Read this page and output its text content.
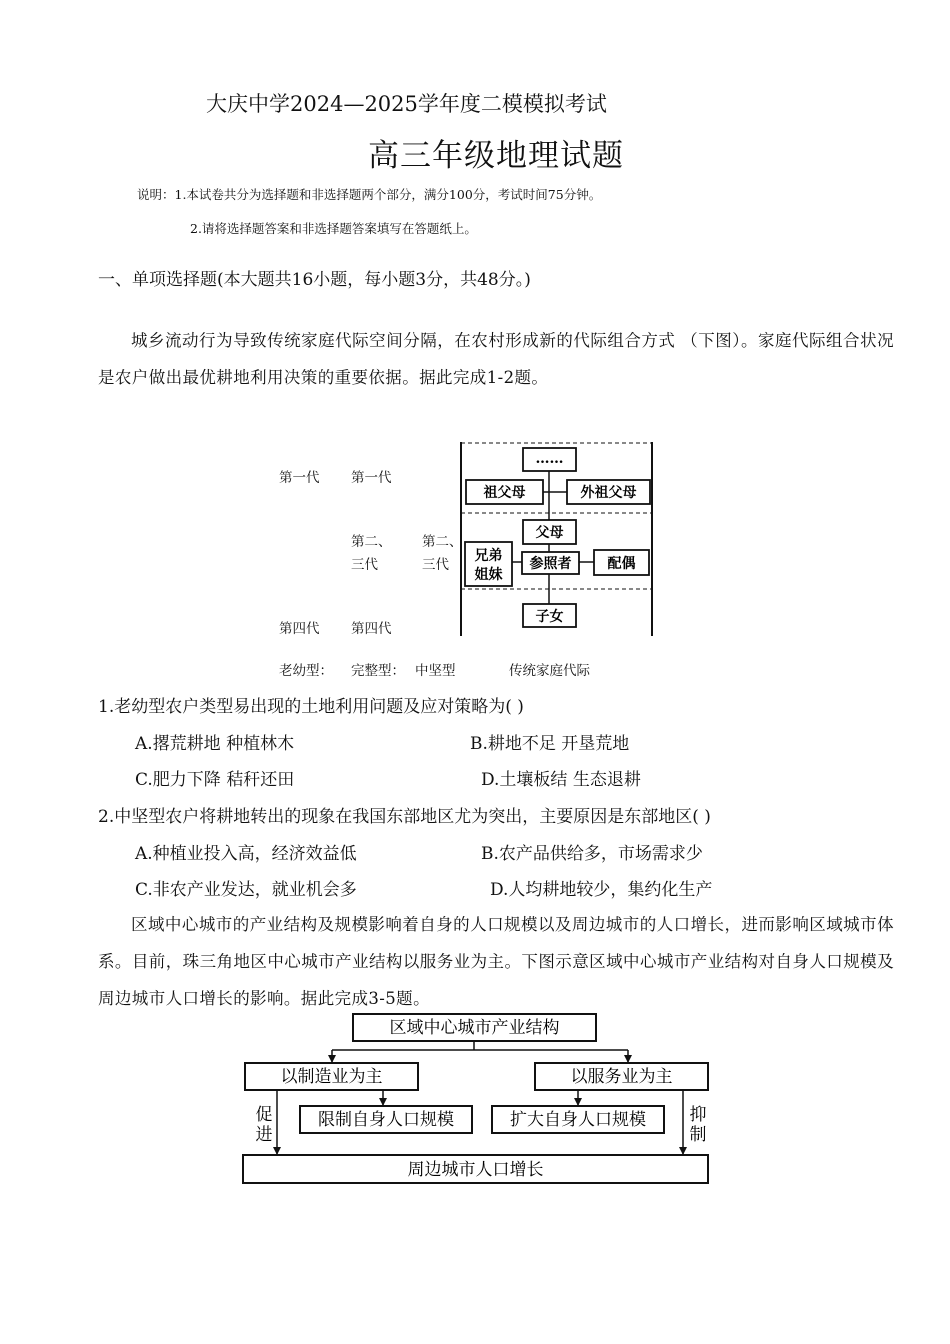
大庆中学2024—2025学年度二模模拟考试
高三年级地理试题
说明：1.本试卷共分为选择题和非选择题两个部分，满分100分，考试时间75分钟。
2.请将选择题答案和非选择题答案填写在答题纸上。
一、单项选择题(本大题共16小题，每小题3分，共48分。)
城乡流动行为导致传统家庭代际空间分隔，在农村形成新的代际组合方式 （下图）。家庭代际组合状况是农户做出最优耕地利用决策的重要依据。据此完成1-2题。
第一代 第一代
第二、
三代
第二、
三代
第四代 第四代
……
祖父母	外祖父母
父母
兄弟
姐妹
参照者	配偶
子女
老幼型： 完整型： 中坚型	传统家庭代际
1.老幼型农户类型易出现的土地利用问题及应对策略为( )
A.撂荒耕地 种植林木	B.耕地不足 开垦荒地
C.肥力下降 秸秆还田	D.土壤板结 生态退耕
2.中坚型农户将耕地转出的现象在我国东部地区尤为突出，主要原因是东部地区( )
A.种植业投入高，经济效益低	B.农产品供给多，市场需求少
C.非农产业发达，就业机会多	D.人均耕地较少，集约化生产
区域中心城市的产业结构及规模影响着自身的人口规模以及周边城市的人口增长，进而影响区域城市体系。目前，珠三角地区中心城市产业结构以服务业为主。下图示意区域中心城市产业结构对自身人口规模及周边城市人口增长的影响。据此完成3-5题。
区域中心城市产业结构
以制造业为主	以服务业为主
限制自身人口规模	扩大自身人口规模
促
进
抑
制
周边城市人口增长
